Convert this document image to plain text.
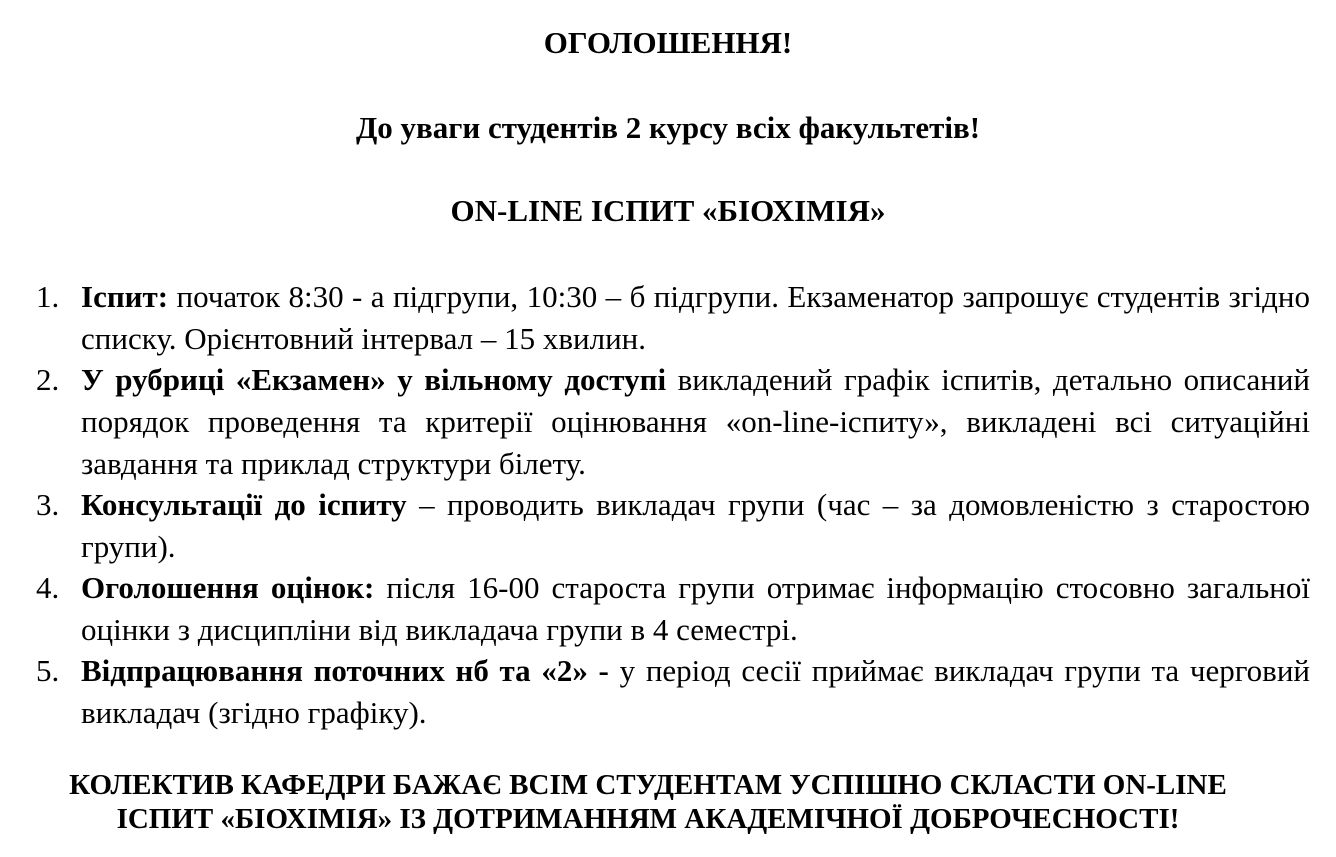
ОГОЛОШЕННЯ!
До уваги студентів 2 курсу всіх факультетів!
ON-LINE ІСПИТ «БІОХІМІЯ»
1. Іспит: початок 8:30 - а підгрупи, 10:30 – б підгрупи. Екзаменатор запрошує студентів згідно списку. Орієнтовний інтервал – 15 хвилин.
2. У рубриці «Екзамен» у вільному доступі викладений графік іспитів, детально описаний порядок проведення та критерії оцінювання «on-line-іспиту», викладені всі ситуаційні завдання та приклад структури білету.
3. Консультації до іспиту – проводить викладач групи (час – за домовленістю з старостою групи).
4. Оголошення оцінок: після 16-00 староста групи отримає інформацію стосовно загальної оцінки з дисципліни від викладача групи в 4 семестрі.
5. Відпрацювання поточних нб та «2» - у період сесії приймає викладач групи та черговий викладач (згідно графіку).
КОЛЕКТИВ КАФЕДРИ БАЖАЄ ВСІМ СТУДЕНТАМ УСПІШНО СКЛАСТИ ON-LINE
ІСПИТ «БІОХІМІЯ» ІЗ ДОТРИМАННЯМ АКАДЕМІЧНОЇ ДОБРОЧЕСНОСТІ!
